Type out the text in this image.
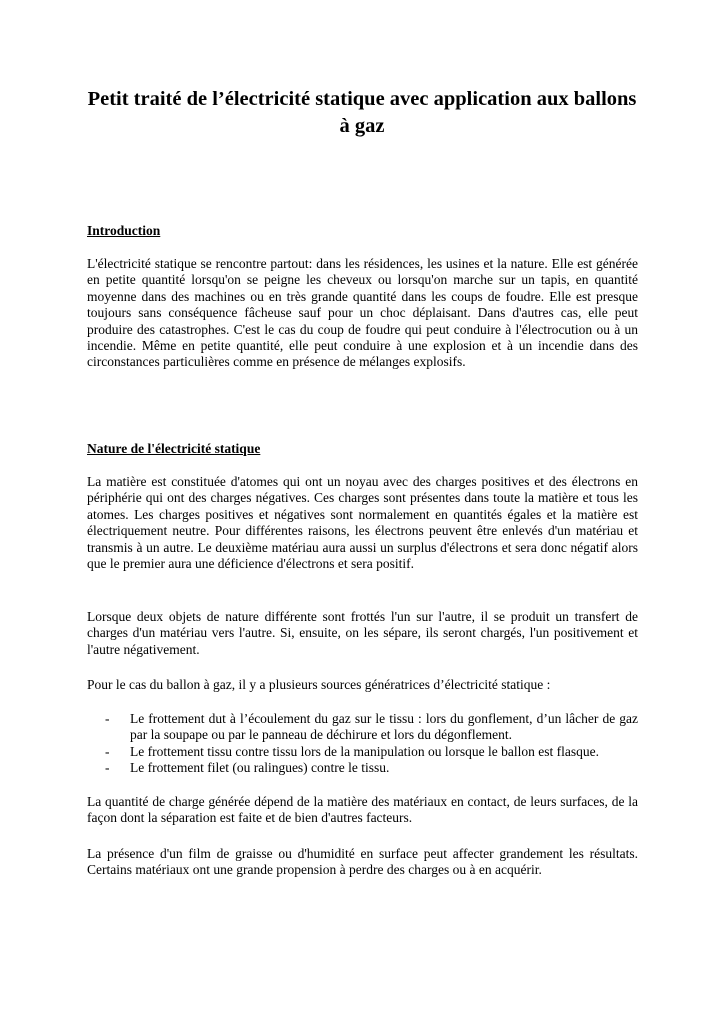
Petit traité de l’électricité statique avec application aux ballons à gaz
Introduction

L'électricité statique se rencontre partout: dans les résidences, les usines et la nature. Elle est générée en petite quantité lorsqu'on se peigne les cheveux ou lorsqu'on marche sur un tapis, en quantité moyenne dans des machines ou en très grande quantité dans les coups de foudre. Elle est presque toujours sans conséquence fâcheuse sauf pour un choc déplaisant. Dans d'autres cas, elle peut produire des catastrophes. C'est le cas du coup de foudre qui peut conduire à l'électrocution ou à un incendie. Même en petite quantité, elle peut conduire à une explosion et à un incendie dans des circonstances particulières comme en présence de mélanges explosifs.

Nature de l'électricité statique

La matière est constituée d'atomes qui ont un noyau avec des charges positives et des électrons en périphérie qui ont des charges négatives. Ces charges sont présentes dans toute la matière et tous les atomes. Les charges positives et négatives sont normalement en quantités égales et la matière est électriquement neutre. Pour différentes raisons, les électrons peuvent être enlevés d'un matériau et transmis à un autre. Le deuxième matériau aura aussi un surplus d'électrons et sera donc négatif alors que le premier aura une déficience d'électrons et sera positif.

Lorsque deux objets de nature différente sont frottés l'un sur l'autre, il se produit un transfert de charges d'un matériau vers l'autre. Si, ensuite, on les sépare, ils seront chargés, l'un positivement et l'autre négativement.

Pour le cas du ballon à gaz, il y a plusieurs sources génératrices d’électricité statique :

- Le frottement dut à l’écoulement du gaz sur le tissu : lors du gonflement, d’un lâcher de gaz par la soupape ou par le panneau de déchirure et lors du dégonflement.
- Le frottement tissu contre tissu lors de la manipulation ou lorsque le ballon est flasque.
- Le frottement filet (ou ralingues) contre le tissu.

La quantité de charge générée dépend de la matière des matériaux en contact, de leurs surfaces, de la façon dont la séparation est faite et de bien d'autres facteurs.

La présence d'un film de graisse ou d'humidité en surface peut affecter grandement les résultats. Certains matériaux ont une grande propension à perdre des charges ou à en acquérir.
